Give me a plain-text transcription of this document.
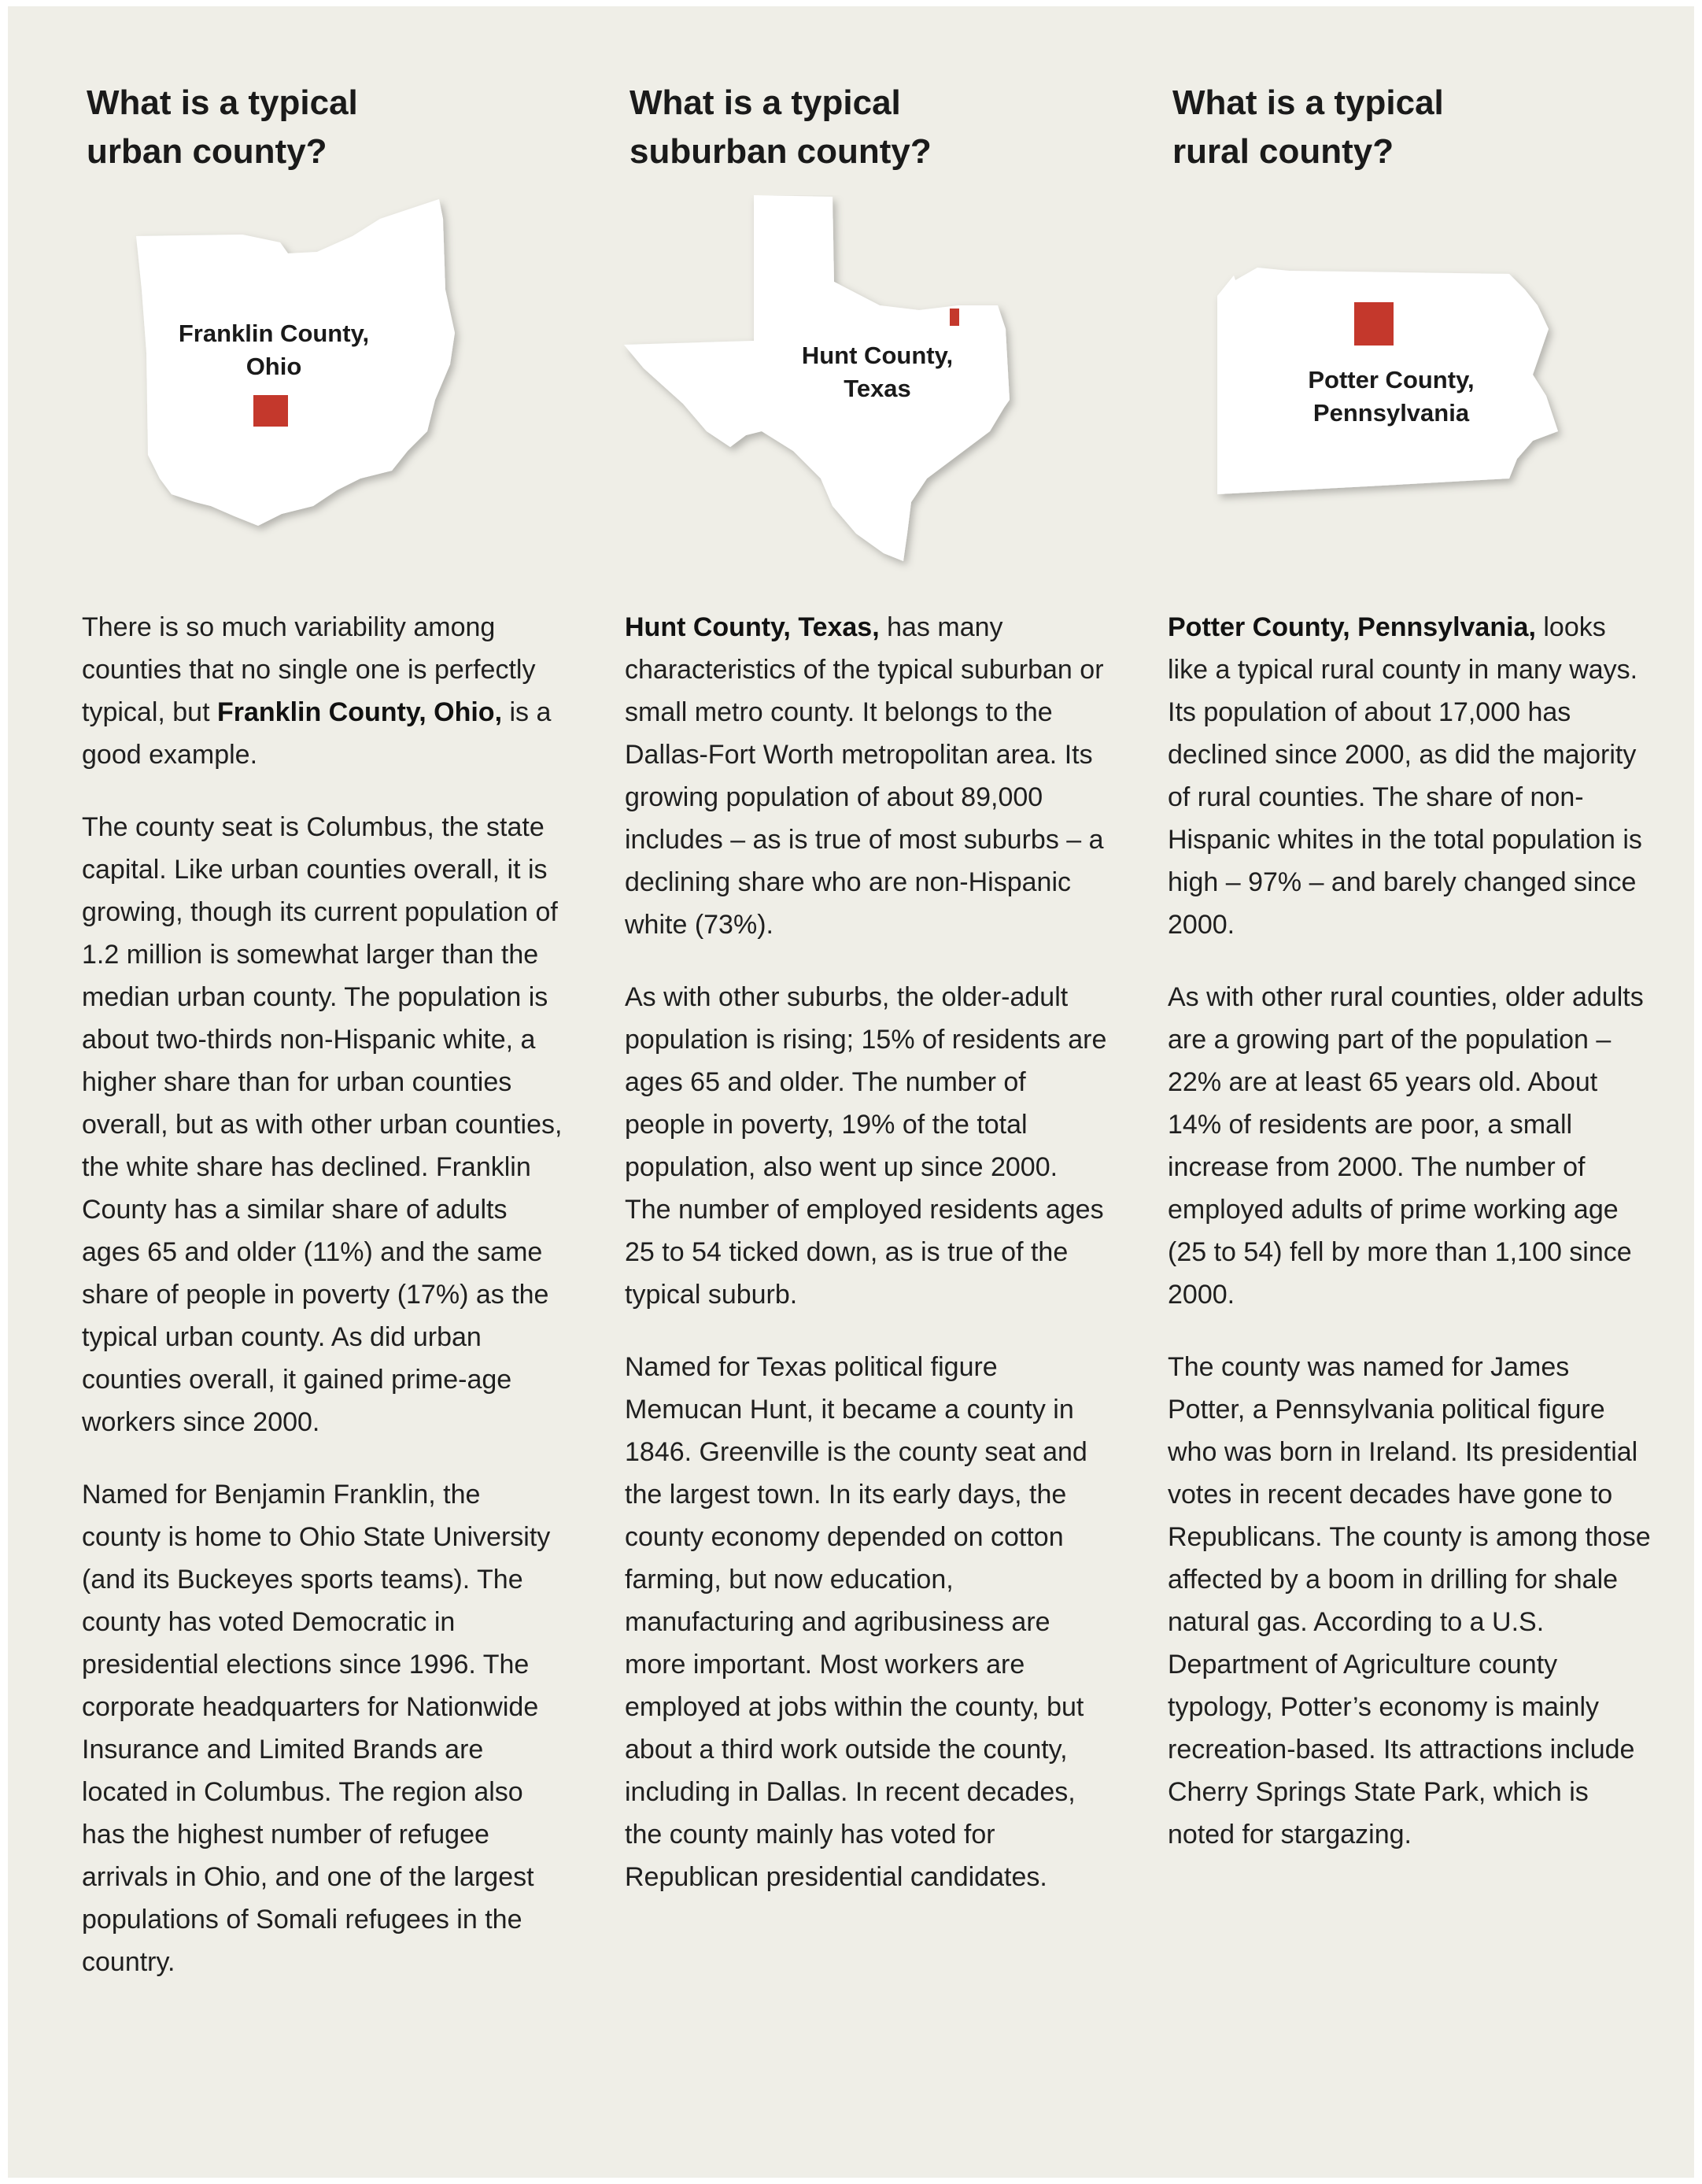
What is a typical
urban county?
Franklin County,
Ohio

There is so much variability among counties that no single one is perfectly typical, but Franklin County, Ohio, is a good example.

The county seat is Columbus, the state capital. Like urban counties overall, it is growing, though its current population of 1.2 million is somewhat larger than the median urban county. The population is about two-thirds non-Hispanic white, a higher share than for urban counties overall, but as with other urban counties, the white share has declined. Franklin County has a similar share of adults ages 65 and older (11%) and the same share of people in poverty (17%) as the typical urban county. As did urban counties overall, it gained prime-age workers since 2000.

Named for Benjamin Franklin, the county is home to Ohio State University (and its Buckeyes sports teams). The county has voted Democratic in presidential elections since 1996. The corporate headquarters for Nationwide Insurance and Limited Brands are located in Columbus. The region also has the highest number of refugee arrivals in Ohio, and one of the largest populations of Somali refugees in the country.

What is a typical
suburban county?
Hunt County,
Texas

Hunt County, Texas, has many characteristics of the typical suburban or small metro county. It belongs to the Dallas-Fort Worth metropolitan area. Its growing population of about 89,000 includes – as is true of most suburbs – a declining share who are non-Hispanic white (73%).

As with other suburbs, the older-adult population is rising; 15% of residents are ages 65 and older. The number of people in poverty, 19% of the total population, also went up since 2000. The number of employed residents ages 25 to 54 ticked down, as is true of the typical suburb.

Named for Texas political figure Memucan Hunt, it became a county in 1846. Greenville is the county seat and the largest town. In its early days, the county economy depended on cotton farming, but now education, manufacturing and agribusiness are more important. Most workers are employed at jobs within the county, but about a third work outside the county, including in Dallas. In recent decades, the county mainly has voted for Republican presidential candidates.

What is a typical
rural county?
Potter County,
Pennsylvania

Potter County, Pennsylvania, looks like a typical rural county in many ways. Its population of about 17,000 has declined since 2000, as did the majority of rural counties. The share of non-Hispanic whites in the total population is high – 97% – and barely changed since 2000.

As with other rural counties, older adults are a growing part of the population – 22% are at least 65 years old. About 14% of residents are poor, a small increase from 2000. The number of employed adults of prime working age (25 to 54) fell by more than 1,100 since 2000.

The county was named for James Potter, a Pennsylvania political figure who was born in Ireland. Its presidential votes in recent decades have gone to Republicans. The county is among those affected by a boom in drilling for shale natural gas. According to a U.S. Department of Agriculture county typology, Potter’s economy is mainly recreation-based. Its attractions include Cherry Springs State Park, which is noted for stargazing.
